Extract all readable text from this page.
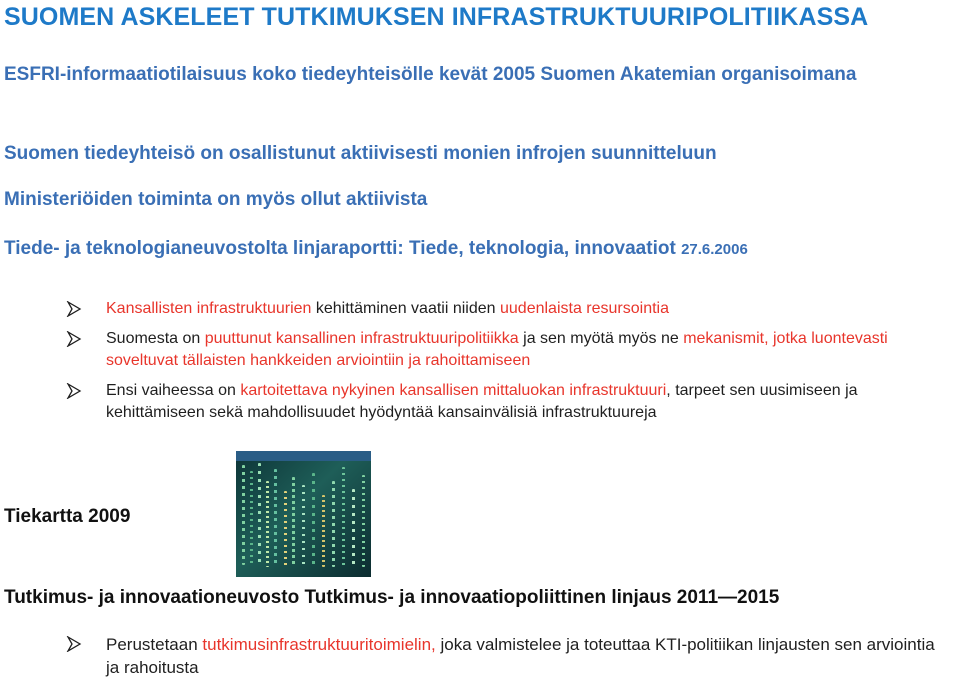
SUOMEN ASKELEET TUTKIMUKSEN INFRASTRUKTUURIPOLITIIKASSA
ESFRI-informaatiotilaisuus koko tiedeyhteisölle kevät 2005 Suomen Akatemian organisoimana
Suomen tiedeyhteisö on osallistunut aktiivisesti monien infrojen suunnitteluun
Ministeriöiden toiminta on myös ollut aktiivista
Tiede- ja teknologianeuvostolta linjaraportti: Tiede, teknologia, innovaatiot 27.6.2006
Kansallisten infrastruktuurien kehittäminen vaatii niiden uudenlaista resursointia
Suomesta on puuttunut kansallinen infrastruktuuripolitiikka ja sen myötä myös ne mekanismit, jotka luontevasti soveltuvat tällaisten hankkeiden arviointiin ja rahoittamiseen
Ensi vaiheessa on kartoitettava nykyinen kansallisen mittaluokan infrastruktuuri, tarpeet sen uusimiseen ja kehittämiseen sekä mahdollisuudet hyödyntää kansainvälisiä infrastruktuureja
Tiekartta 2009
Tutkimus- ja innovaationeuvosto Tutkimus- ja innovaatiopoliittinen linjaus 2011—2015
Perustetaan tutkimusinfrastruktuuritoimielin, joka valmistelee ja toteuttaa KTI-politiikan linjausten sen arviointia ja rahoitusta
